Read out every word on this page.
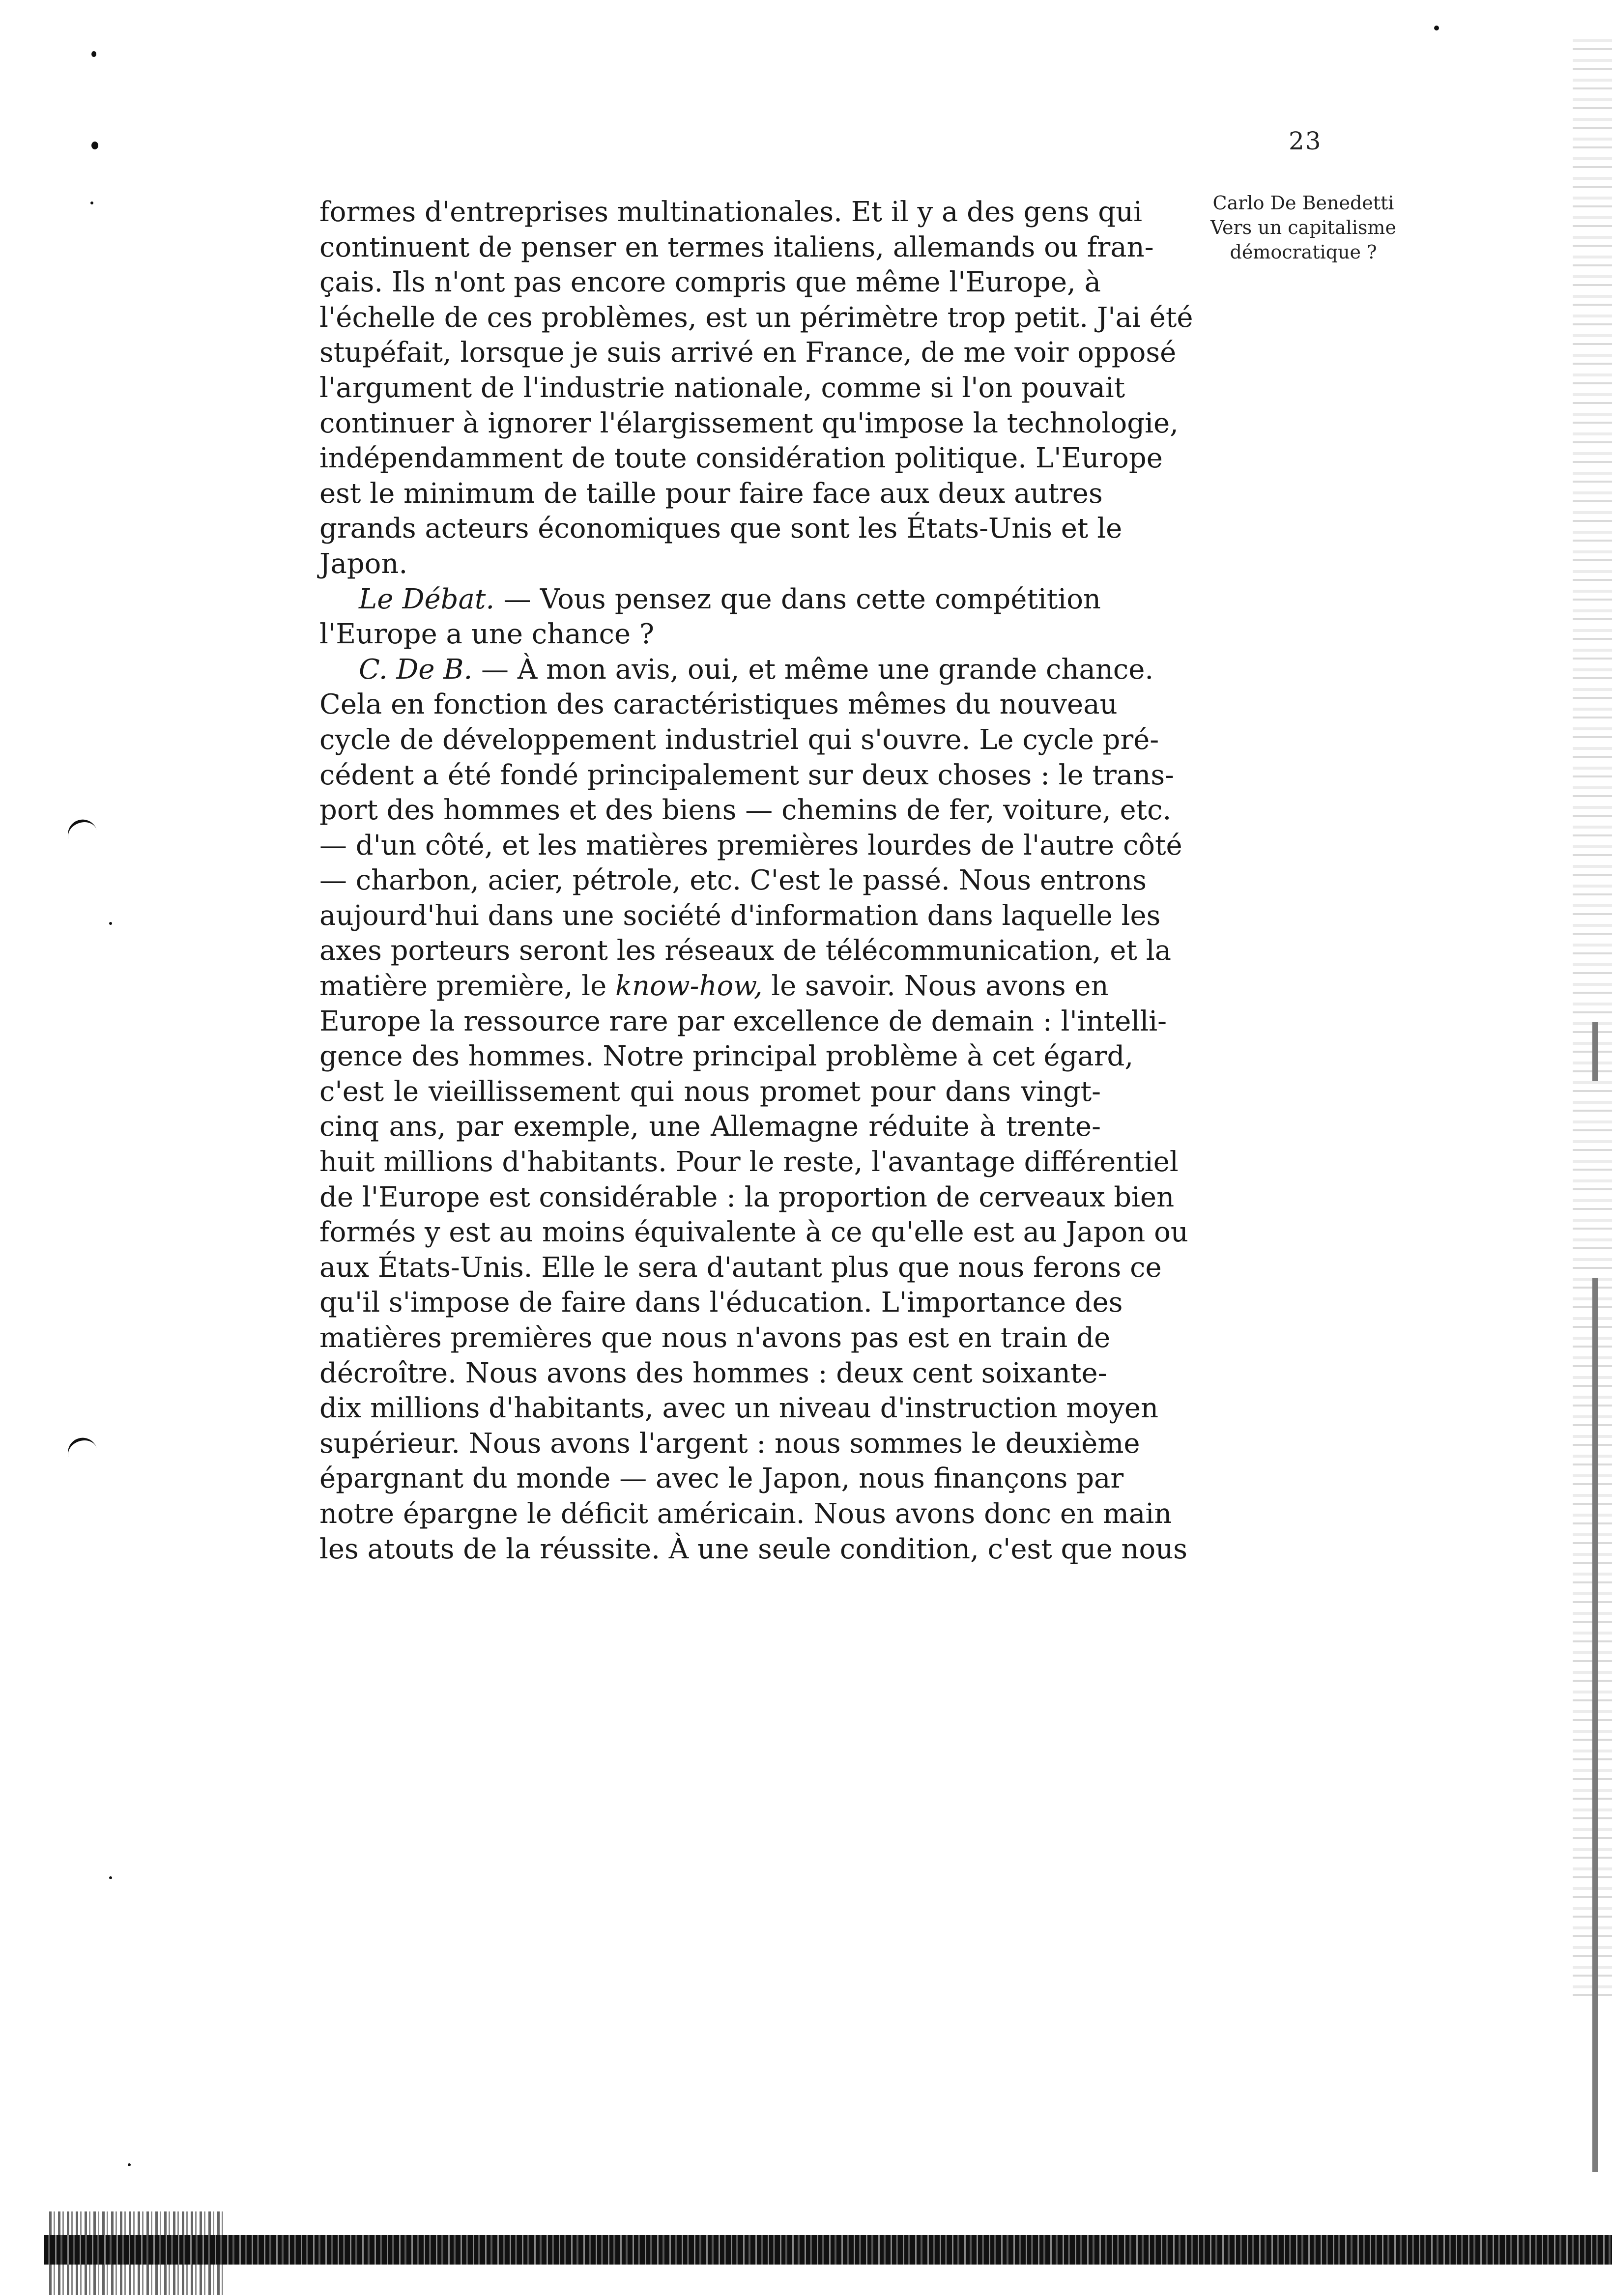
23
Carlo De Benedetti
Vers un capitalisme
démocratique ?
formes d'entreprises multinationales. Et il y a des gens qui
continuent de penser en termes italiens, allemands ou fran-
çais. Ils n'ont pas encore compris que même l'Europe, à
l'échelle de ces problèmes, est un périmètre trop petit. J'ai été
stupéfait, lorsque je suis arrivé en France, de me voir opposé
l'argument de l'industrie nationale, comme si l'on pouvait
continuer à ignorer l'élargissement qu'impose la technologie,
indépendamment de toute considération politique. L'Europe
est le minimum de taille pour faire face aux deux autres
grands acteurs économiques que sont les États-Unis et le
Japon.
Le Débat. — Vous pensez que dans cette compétition
l'Europe a une chance ?
C. De B. — À mon avis, oui, et même une grande chance.
Cela en fonction des caractéristiques mêmes du nouveau
cycle de développement industriel qui s'ouvre. Le cycle pré-
cédent a été fondé principalement sur deux choses : le trans-
port des hommes et des biens — chemins de fer, voiture, etc.
— d'un côté, et les matières premières lourdes de l'autre côté
— charbon, acier, pétrole, etc. C'est le passé. Nous entrons
aujourd'hui dans une société d'information dans laquelle les
axes porteurs seront les réseaux de télécommunication, et la
matière première, le know-how, le savoir. Nous avons en
Europe la ressource rare par excellence de demain : l'intelli-
gence des hommes. Notre principal problème à cet égard,
c'est le vieillissement qui nous promet pour dans vingt-
cinq ans, par exemple, une Allemagne réduite à trente-
huit millions d'habitants. Pour le reste, l'avantage différentiel
de l'Europe est considérable : la proportion de cerveaux bien
formés y est au moins équivalente à ce qu'elle est au Japon ou
aux États-Unis. Elle le sera d'autant plus que nous ferons ce
qu'il s'impose de faire dans l'éducation. L'importance des
matières premières que nous n'avons pas est en train de
décroître. Nous avons des hommes : deux cent soixante-
dix millions d'habitants, avec un niveau d'instruction moyen
supérieur. Nous avons l'argent : nous sommes le deuxième
épargnant du monde — avec le Japon, nous finançons par
notre épargne le déficit américain. Nous avons donc en main
les atouts de la réussite. À une seule condition, c'est que nous
